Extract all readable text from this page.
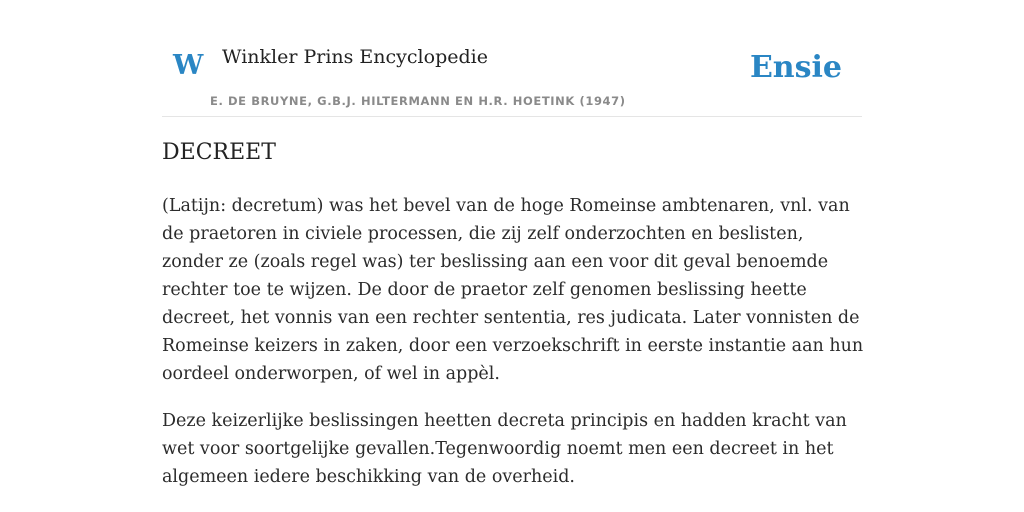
W Winkler Prins Encyclopedie
E. DE BRUYNE, G.B.J. HILTERMANN EN H.R. HOETINK (1947)
Ensie
DECREET

(Latijn: decretum) was het bevel van de hoge Romeinse ambtenaren, vnl. van de praetoren in civiele processen, die zij zelf onderzochten en beslisten, zonder ze (zoals regel was) ter beslissing aan een voor dit geval benoemde rechter toe te wijzen. De door de praetor zelf genomen beslissing heette decreet, het vonnis van een rechter sententia, res judicata. Later vonnisten de Romeinse keizers in zaken, door een verzoekschrift in eerste instantie aan hun oordeel onderworpen, of wel in appèl.

Deze keizerlijke beslissingen heetten decreta principis en hadden kracht van wet voor soortgelijke gevallen.Tegenwoordig noemt men een decreet in het algemeen iedere beschikking van de overheid.
